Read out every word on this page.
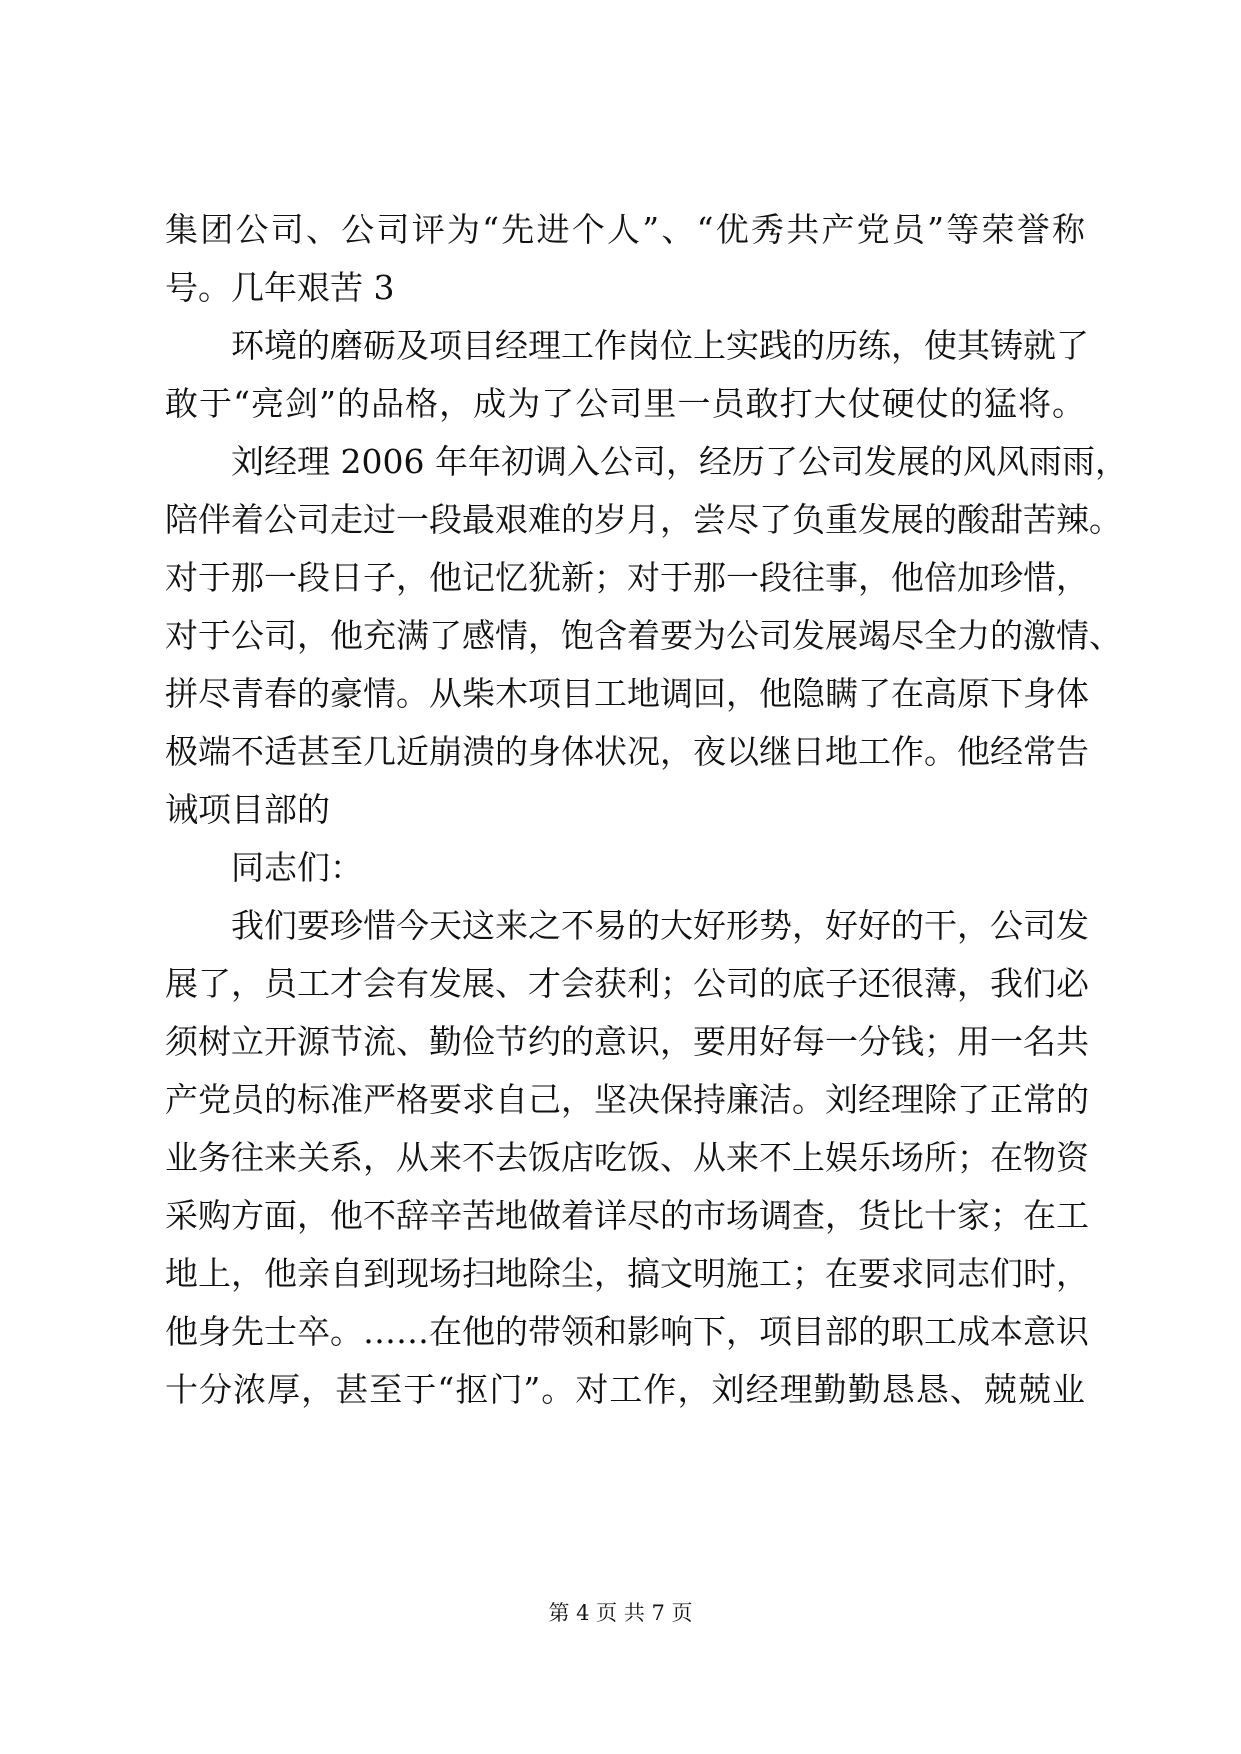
集团公司、公司评为“先进个人”、“优秀共产党员”等荣誉称
号。几年艰苦 3
环境的磨砺及项目经理工作岗位上实践的历练，使其铸就了
敢于“亮剑”的品格，成为了公司里一员敢打大仗硬仗的猛将。
刘经理 2006 年年初调入公司，经历了公司发展的风风雨雨，
陪伴着公司走过一段最艰难的岁月，尝尽了负重发展的酸甜苦辣。
对于那一段日子，他记忆犹新；对于那一段往事，他倍加珍惜，
对于公司，他充满了感情，饱含着要为公司发展竭尽全力的激情、
拼尽青春的豪情。从柴木项目工地调回，他隐瞒了在高原下身体
极端不适甚至几近崩溃的身体状况，夜以继日地工作。他经常告
诫项目部的
同志们：
我们要珍惜今天这来之不易的大好形势，好好的干，公司发
展了，员工才会有发展、才会获利；公司的底子还很薄，我们必
须树立开源节流、勤俭节约的意识，要用好每一分钱；用一名共
产党员的标准严格要求自己，坚决保持廉洁。刘经理除了正常的
业务往来关系，从来不去饭店吃饭、从来不上娱乐场所；在物资
采购方面，他不辞辛苦地做着详尽的市场调查，货比十家；在工
地上，他亲自到现场扫地除尘，搞文明施工；在要求同志们时，
他身先士卒。……在他的带领和影响下，项目部的职工成本意识
十分浓厚，甚至于“抠门”。对工作，刘经理勤勤恳恳、兢兢业
第 4 页 共 7 页
